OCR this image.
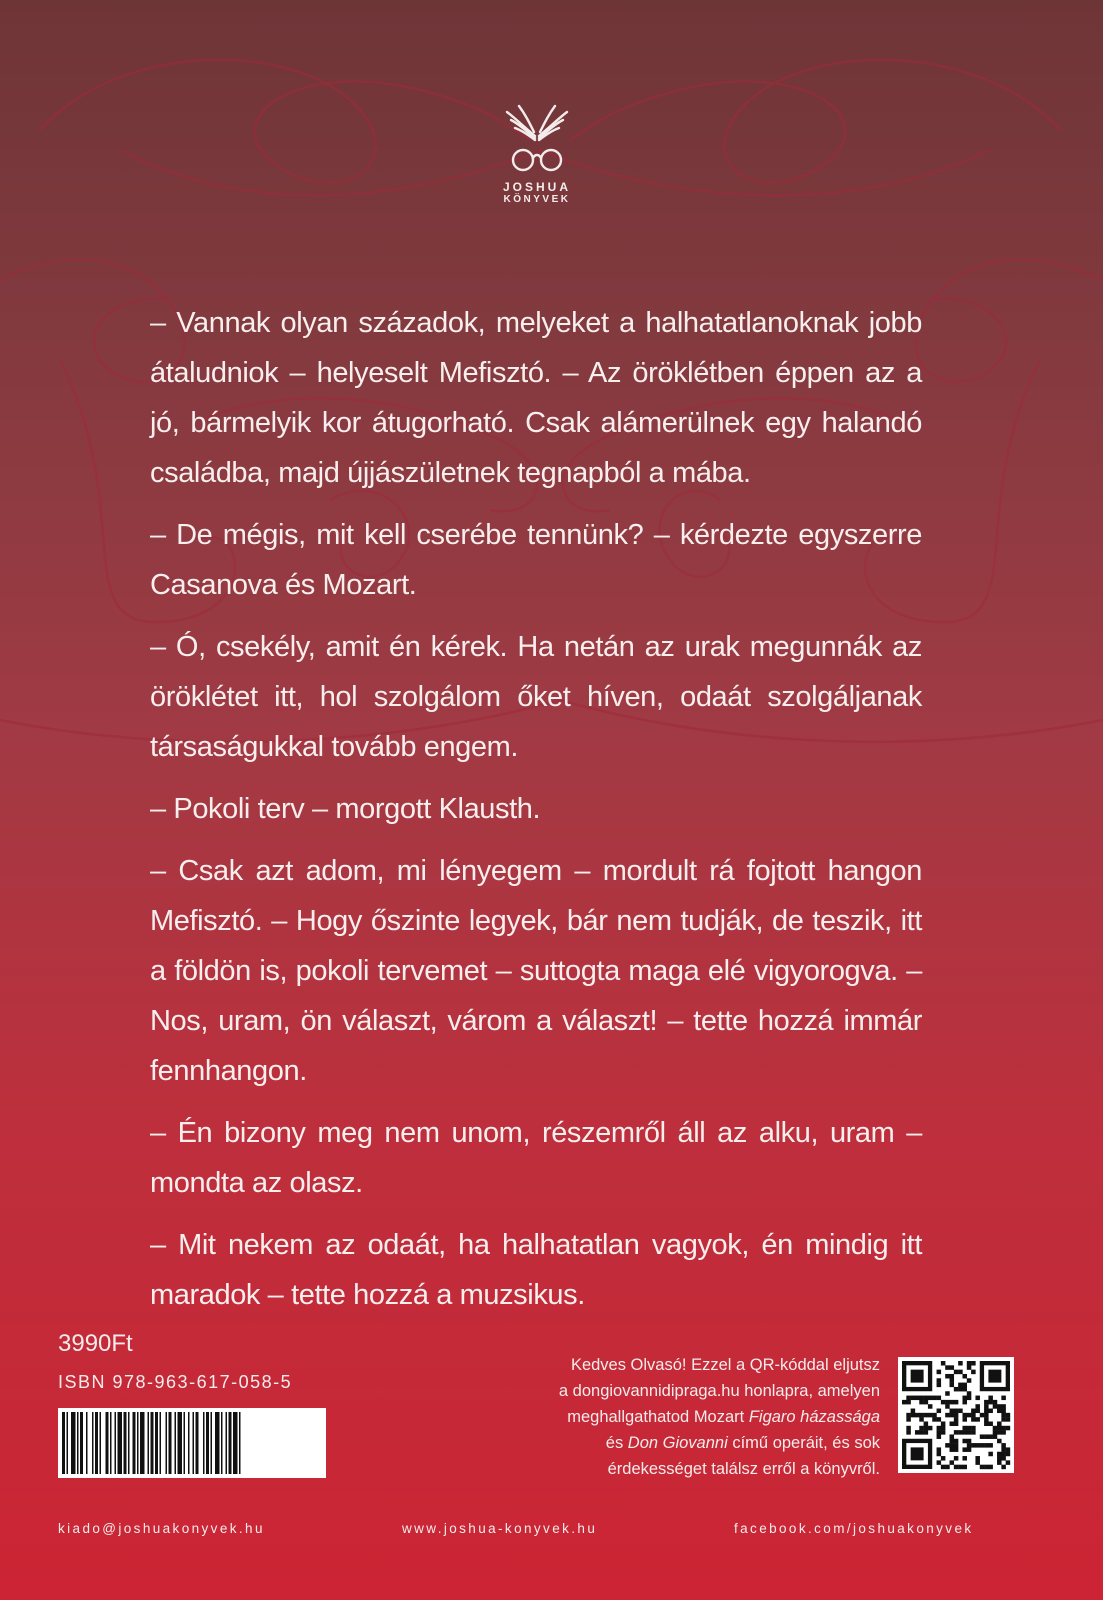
JOSHUA
KÖNYVEK

– Vannak olyan századok, melyeket a halhatatlanoknak jobb átaludniok – helyeselt Mefisztó. – Az öröklétben éppen az a jó, bármelyik kor átugorható. Csak alámerülnek egy halandó családba, majd újjászületnek tegnapból a mába.

– De mégis, mit kell cserébe tennünk? – kérdezte egyszerre Casanova és Mozart.

– Ó, csekély, amit én kérek. Ha netán az urak megunnák az öröklétet itt, hol szolgálom őket híven, odaát szolgáljanak társaságukkal tovább engem.

– Pokoli terv – morgott Klausth.

– Csak azt adom, mi lényegem – mordult rá fojtott hangon Mefisztó. – Hogy őszinte legyek, bár nem tudják, de teszik, itt a földön is, pokoli tervemet – suttogta maga elé vigyorogva. – Nos, uram, ön választ, várom a választ! – tette hozzá immár fennhangon.

– Én bizony meg nem unom, részemről áll az alku, uram – mondta az olasz.

– Mit nekem az odaát, ha halhatatlan vagyok, én mindig itt maradok – tette hozzá a muzsikus.

3990Ft
ISBN 978-963-617-058-5
Kedves Olvasó! Ezzel a QR-kóddal eljutsz
a dongiovannidipraga.hu honlapra, amelyen
meghallgathatod Mozart Figaro házassága
és Don Giovanni című operáit, és sok
érdekességet találsz erről a könyvről.
kiado@joshuakonyvek.hu	www.joshua-konyvek.hu	facebook.com/joshuakonyvek
